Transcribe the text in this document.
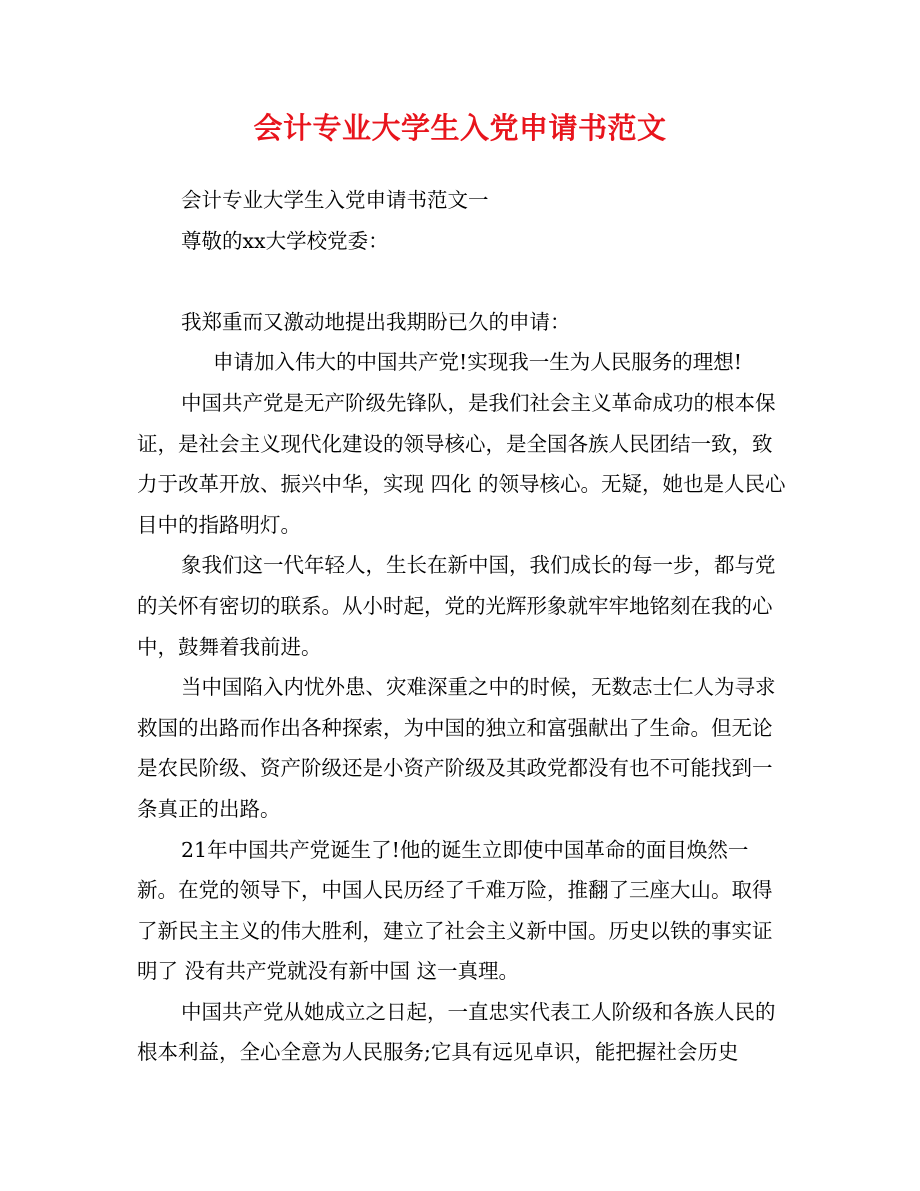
会计专业大学生入党申请书范文

会计专业大学生入党申请书范文一

尊敬的xx大学校党委：

我郑重而又激动地提出我期盼已久的申请：

申请加入伟大的中国共产党!实现我一生为人民服务的理想!

中国共产党是无产阶级先锋队，是我们社会主义革命成功的根本保证，是社会主义现代化建设的领导核心，是全国各族人民团结一致，致力于改革开放、振兴中华，实现 四化 的领导核心。无疑，她也是人民心目中的指路明灯。

象我们这一代年轻人，生长在新中国，我们成长的每一步，都与党的关怀有密切的联系。从小时起，党的光辉形象就牢牢地铭刻在我的心中，鼓舞着我前进。

当中国陷入内忧外患、灾难深重之中的时候，无数志士仁人为寻求救国的出路而作出各种探索，为中国的独立和富强献出了生命。但无论是农民阶级、资产阶级还是小资产阶级及其政党都没有也不可能找到一条真正的出路。

21年中国共产党诞生了!他的诞生立即使中国革命的面目焕然一新。在党的领导下，中国人民历经了千难万险，推翻了三座大山。取得了新民主主义的伟大胜利，建立了社会主义新中国。历史以铁的事实证明了 没有共产党就没有新中国 这一真理。

中国共产党从她成立之日起，一直忠实代表工人阶级和各族人民的根本利益，全心全意为人民服务;它具有远见卓识，能把握社会历史
